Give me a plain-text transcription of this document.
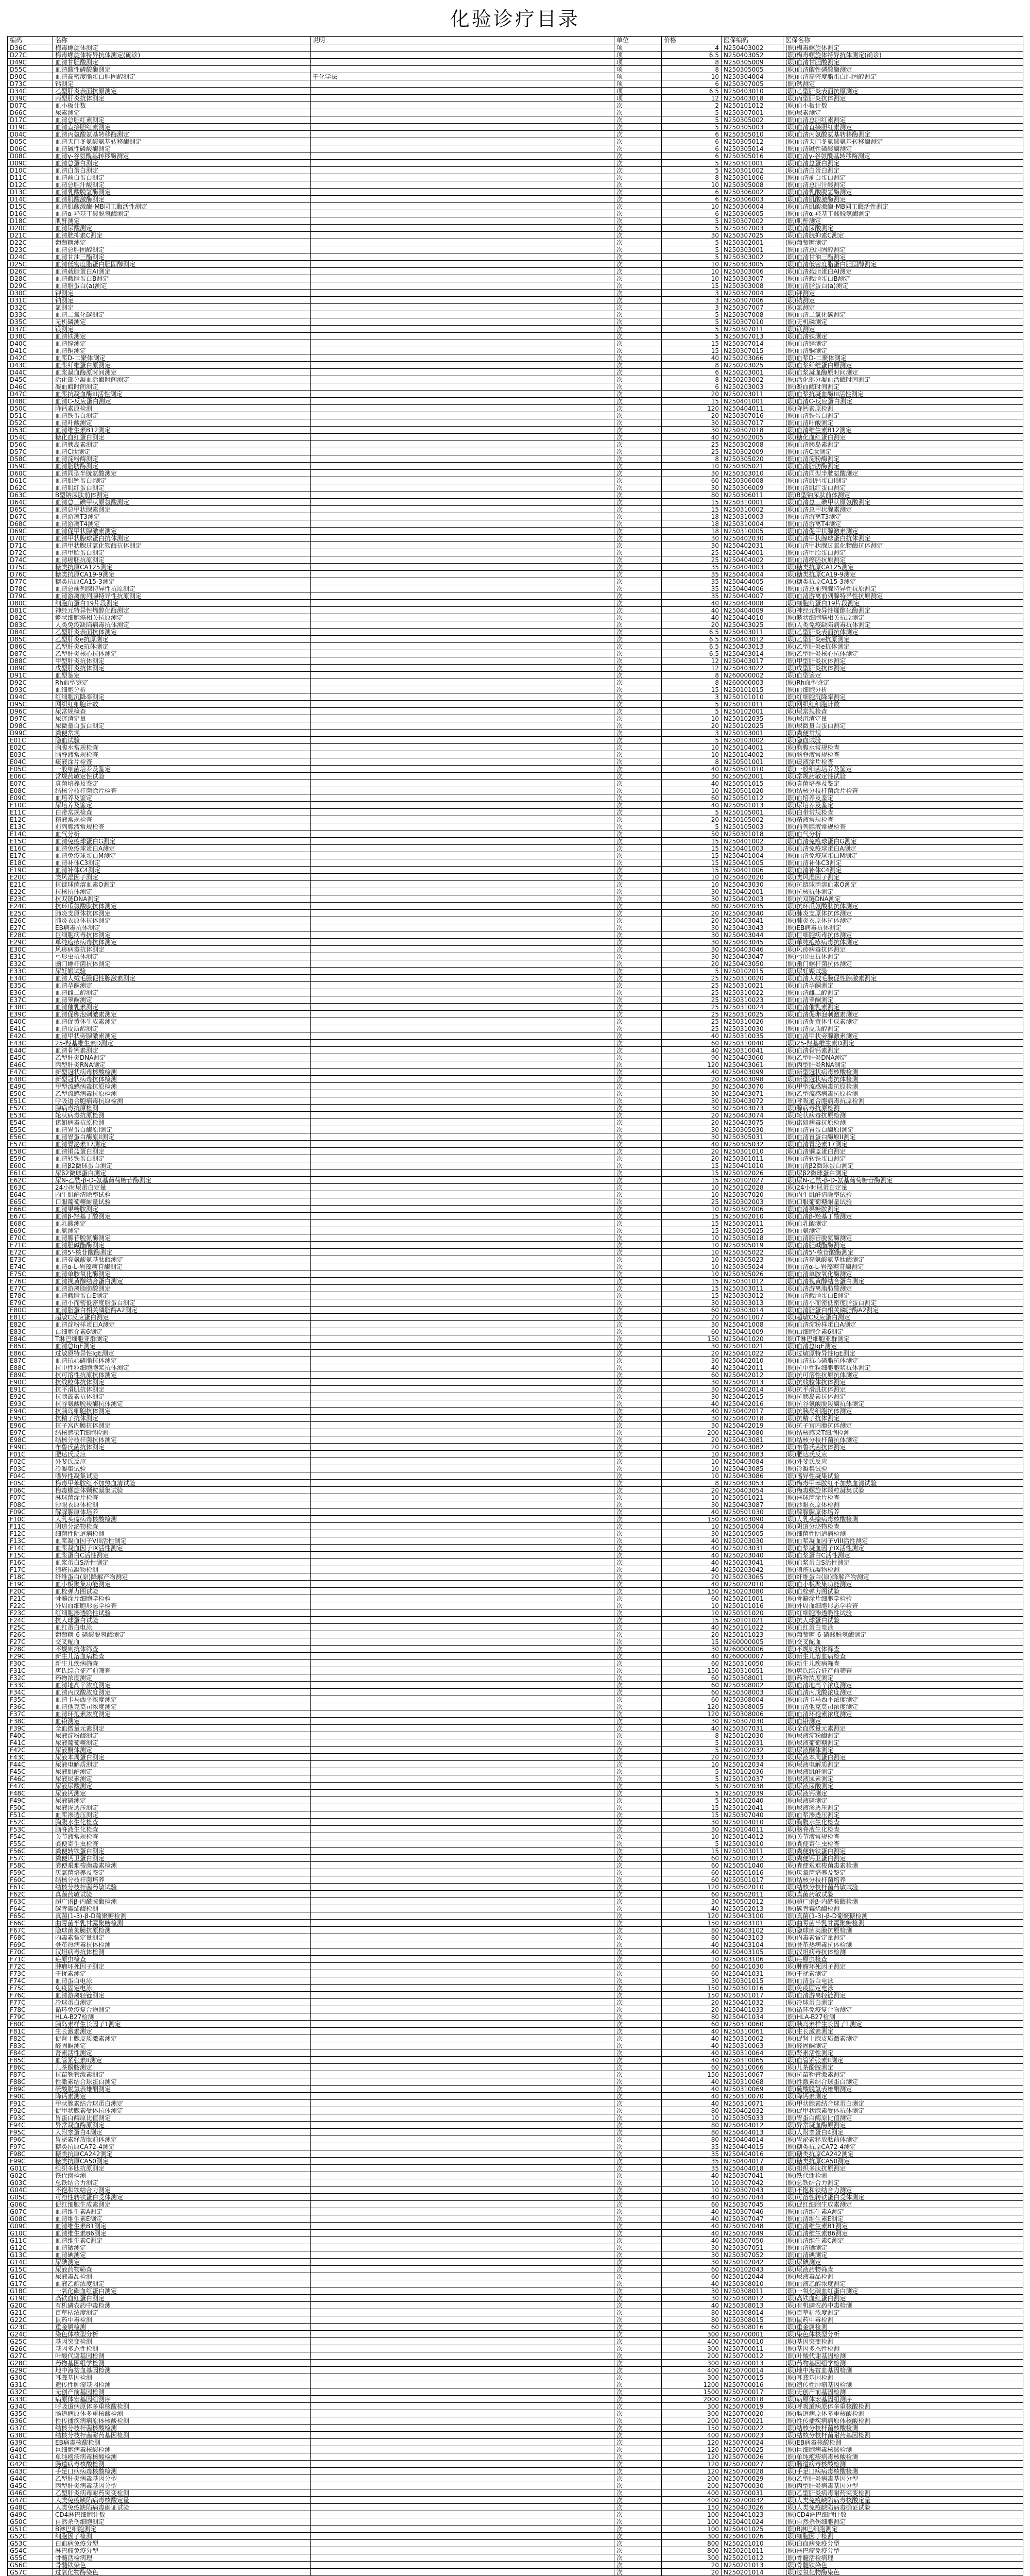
化验诊疗目录
编码	名称	说明	单位	价格	医保编码	医保名称
D36C	梅毒螺旋体测定		项	4	N250403002	(职)梅毒螺旋体测定
D27C	梅毒螺旋体特异抗体测定(确诊)		项	6.5	N250403052	(职)梅毒螺旋体特异抗体测定(确诊)
D49C	血清甘胆酸测定		项	8	N250305009	(职)血清甘胆酸测定
D55C	血清酸性磷酸酶测定		项	8	N250305005	(职)血清酸性磷酸酶测定
D90C	血清高密度脂蛋白胆固醇测定	干化学法	项	10	N250304004	(职)血清高密度脂蛋白胆固醇测定
D73C	钙测定		项	6	N250307005	(职)钙测定
D34C	乙型肝炎表面抗原测定		项	6.5	N250403010	(职)乙型肝炎表面抗原测定
D39C	丙型肝炎抗体测定		项	12	N250403018	(职)丙型肝炎抗体测定
D07C	血小板计数		次	2	N250101012	(职)血小板计数
D66C	尿素测定		次	5	N250307001	(职)尿素测定
D17C	血清总胆红素测定		次	5	N250305002	(职)血清总胆红素测定
D19C	血清直接胆红素测定		次	5	N250305003	(职)血清直接胆红素测定
D04C	血清丙氨酸氨基转移酶测定		次	6	N250305010	(职)血清丙氨酸氨基转移酶测定
D05C	血清天门冬氨酸氨基转移酶测定		次	6	N250305012	(职)血清天门冬氨酸氨基转移酶测定
D06C	血清碱性磷酸酶测定		次	6	N250305014	(职)血清碱性磷酸酶测定
D08C	血清γ-谷氨酰基转移酶测定		次	6	N250305016	(职)血清γ-谷氨酰基转移酶测定
D09C	血清总蛋白测定		次	5	N250301001	(职)血清总蛋白测定
D10C	血清白蛋白测定		次	5	N250301002	(职)血清白蛋白测定
D11C	血清前白蛋白测定		次	8	N250301006	(职)血清前白蛋白测定
D12C	血清总胆汁酸测定		次	10	N250305008	(职)血清总胆汁酸测定
D13C	血清乳酸脱氢酶测定		次	6	N250306002	(职)血清乳酸脱氢酶测定
D14C	血清肌酸激酶测定		次	6	N250306003	(职)血清肌酸激酶测定
D15C	血清肌酸激酶-MB同工酶活性测定		次	10	N250306004	(职)血清肌酸激酶-MB同工酶活性测定
D16C	血清α-羟基丁酸脱氢酶测定		次	6	N250306005	(职)血清α-羟基丁酸脱氢酶测定
D18C	肌酐测定		次	5	N250307002	(职)肌酐测定
D20C	血清尿酸测定		次	5	N250307003	(职)血清尿酸测定
D21C	血清胱抑素C测定		次	30	N250307025	(职)血清胱抑素C测定
D22C	葡萄糖测定		次	5	N250302001	(职)葡萄糖测定
D23C	血清总胆固醇测定		次	5	N250303001	(职)血清总胆固醇测定
D24C	血清甘油三酯测定		次	5	N250303002	(职)血清甘油三酯测定
D25C	血清低密度脂蛋白胆固醇测定		次	10	N250303005	(职)血清低密度脂蛋白胆固醇测定
D26C	血清载脂蛋白AI测定		次	10	N250303006	(职)血清载脂蛋白AI测定
D28C	血清载脂蛋白B测定		次	10	N250303007	(职)血清载脂蛋白B测定
D29C	血清脂蛋白(a)测定		次	15	N250303008	(职)血清脂蛋白(a)测定
D30C	钾测定		次	3	N250307004	(职)钾测定
D31C	钠测定		次	3	N250307006	(职)钠测定
D32C	氯测定		次	3	N250307007	(职)氯测定
D33C	血清二氧化碳测定		次	5	N250307008	(职)血清二氧化碳测定
D35C	无机磷测定		次	5	N250307010	(职)无机磷测定
D37C	镁测定		次	5	N250307011	(职)镁测定
D38C	血清铁测定		次	5	N250307013	(职)血清铁测定
D40C	血清锌测定		次	15	N250307014	(职)血清锌测定
D41C	血清铜测定		次	15	N250307015	(职)血清铜测定
D42C	血浆D-二聚体测定		次	40	N250203066	(职)血浆D-二聚体测定
D43C	血浆纤维蛋白原测定		次	8	N250203025	(职)血浆纤维蛋白原测定
D44C	血浆凝血酶原时间测定		次	6	N250203001	(职)血浆凝血酶原时间测定
D45C	活化部分凝血活酶时间测定		次	8	N250203002	(职)活化部分凝血活酶时间测定
D46C	凝血酶时间测定		次	6	N250203003	(职)凝血酶时间测定
D47C	血浆抗凝血酶III活性测定		次	20	N250203011	(职)血浆抗凝血酶III活性测定
D48C	血清C-反应蛋白测定		次	15	N250401001	(职)血清C-反应蛋白测定
D50C	降钙素原检测		次	120	N250404011	(职)降钙素原检测
D51C	血清铁蛋白测定		次	20	N250307016	(职)血清铁蛋白测定
D52C	血清叶酸测定		次	30	N250307017	(职)血清叶酸测定
D53C	血清维生素B12测定		次	30	N250307018	(职)血清维生素B12测定
D54C	糖化血红蛋白测定		次	40	N250302005	(职)糖化血红蛋白测定
D56C	血清胰岛素测定		次	25	N250302008	(职)血清胰岛素测定
D57C	血清C肽测定		次	25	N250302009	(职)血清C肽测定
D58C	血清淀粉酶测定		次	8	N250305020	(职)血清淀粉酶测定
D59C	血清脂肪酶测定		次	10	N250305021	(职)血清脂肪酶测定
D60C	血清同型半胱氨酸测定		次	30	N250303010	(职)血清同型半胱氨酸测定
D61C	血清肌钙蛋白I测定		次	60	N250306008	(职)血清肌钙蛋白I测定
D62C	血清肌红蛋白测定		次	30	N250306009	(职)血清肌红蛋白测定
D63C	B型钠尿肽前体测定		次	80	N250306011	(职)B型钠尿肽前体测定
D64C	血清总三碘甲状原氨酸测定		次	15	N250310001	(职)血清总三碘甲状原氨酸测定
D65C	血清总甲状腺素测定		次	15	N250310002	(职)血清总甲状腺素测定
D67C	血清游离T3测定		次	18	N250310003	(职)血清游离T3测定
D68C	血清游离T4测定		次	18	N250310004	(职)血清游离T4测定
D69C	血清促甲状腺激素测定		次	18	N250310005	(职)血清促甲状腺激素测定
D70C	血清甲状腺球蛋白抗体测定		次	30	N250402030	(职)血清甲状腺球蛋白抗体测定
D71C	血清甲状腺过氧化物酶抗体测定		次	30	N250402031	(职)血清甲状腺过氧化物酶抗体测定
D72C	血清甲胎蛋白测定		次	25	N250404001	(职)血清甲胎蛋白测定
D74C	血清癌胚抗原测定		次	25	N250404002	(职)血清癌胚抗原测定
D75C	糖类抗原CA125测定		次	35	N250404003	(职)糖类抗原CA125测定
D76C	糖类抗原CA19-9测定		次	35	N250404004	(职)糖类抗原CA19-9测定
D77C	糖类抗原CA15-3测定		次	35	N250404005	(职)糖类抗原CA15-3测定
D78C	血清总前列腺特异性抗原测定		次	35	N250404006	(职)血清总前列腺特异性抗原测定
D79C	血清游离前列腺特异性抗原测定		次	35	N250404007	(职)血清游离前列腺特异性抗原测定
D80C	细胞角蛋白19片段测定		次	40	N250404008	(职)细胞角蛋白19片段测定
D81C	神经元特异性烯醇化酶测定		次	40	N250404009	(职)神经元特异性烯醇化酶测定
D82C	鳞状细胞癌相关抗原测定		次	40	N250404010	(职)鳞状细胞癌相关抗原测定
D83C	人类免疫缺陷病毒抗体测定		次	20	N250403025	(职)人类免疫缺陷病毒抗体测定
D84C	乙型肝炎表面抗体测定		次	6.5	N250403011	(职)乙型肝炎表面抗体测定
D85C	乙型肝炎e抗原测定		次	6.5	N250403012	(职)乙型肝炎e抗原测定
D86C	乙型肝炎e抗体测定		次	6.5	N250403013	(职)乙型肝炎e抗体测定
D87C	乙型肝炎核心抗体测定		次	6.5	N250403014	(职)乙型肝炎核心抗体测定
D88C	甲型肝炎抗体测定		次	12	N250403017	(职)甲型肝炎抗体测定
D89C	戊型肝炎抗体测定		次	12	N250403022	(职)戊型肝炎抗体测定
D91C	血型鉴定		次	8	N260000002	(职)血型鉴定
D92C	Rh血型鉴定		次	8	N260000003	(职)Rh血型鉴定
D93C	血细胞分析		次	15	N250101015	(职)血细胞分析
D94C	红细胞沉降率测定		次	3	N250101010	(职)红细胞沉降率测定
D95C	网织红细胞计数		次	5	N250101011	(职)网织红细胞计数
D96C	尿常规检查		次	5	N250102001	(职)尿常规检查
D97C	尿沉渣定量		次	10	N250102035	(职)尿沉渣定量
D98C	尿微量白蛋白测定		次	20	N250102025	(职)尿微量白蛋白测定
D99C	粪便常规		次	3	N250103001	(职)粪便常规
E01C	隐血试验		次	5	N250103002	(职)隐血试验
E02C	胸腹水常规检查		次	10	N250104001	(职)胸腹水常规检查
E03C	脑脊液常规检查		次	10	N250104002	(职)脑脊液常规检查
E04C	痰液涂片检查		次	8	N250501001	(职)痰液涂片检查
E05C	一般细菌培养及鉴定		次	40	N250501010	(职)一般细菌培养及鉴定
E06C	常规药敏定性试验		次	30	N250502001	(职)常规药敏定性试验
E07C	真菌培养及鉴定		次	40	N250501015	(职)真菌培养及鉴定
E08C	结核分枝杆菌涂片检查		次	10	N250501020	(职)结核分枝杆菌涂片检查
E09C	血培养及鉴定		次	60	N250501012	(职)血培养及鉴定
E10C	尿培养及鉴定		次	40	N250501013	(职)尿培养及鉴定
E11C	白带常规检查		次	5	N250105001	(职)白带常规检查
E12C	精液常规检查		次	20	N250105002	(职)精液常规检查
E13C	前列腺液常规检查		次	5	N250105003	(职)前列腺液常规检查
E14C	血气分析		次	50	N250301018	(职)血气分析
E15C	血清免疫球蛋白G测定		次	15	N250401002	(职)血清免疫球蛋白G测定
E16C	血清免疫球蛋白A测定		次	15	N250401003	(职)血清免疫球蛋白A测定
E17C	血清免疫球蛋白M测定		次	15	N250401004	(职)血清免疫球蛋白M测定
E18C	血清补体C3测定		次	15	N250401005	(职)血清补体C3测定
E19C	血清补体C4测定		次	15	N250401006	(职)血清补体C4测定
E20C	类风湿因子测定		次	10	N250402020	(职)类风湿因子测定
E21C	抗链球菌溶血素O测定		次	10	N250403030	(职)抗链球菌溶血素O测定
E22C	抗核抗体测定		次	30	N250402001	(职)抗核抗体测定
E23C	抗双链DNA测定		次	30	N250402003	(职)抗双链DNA测定
E24C	抗环瓜氨酸肽抗体测定		次	80	N250402035	(职)抗环瓜氨酸肽抗体测定
E25C	肺炎支原体抗体测定		次	20	N250403040	(职)肺炎支原体抗体测定
E26C	肺炎衣原体抗体测定		次	20	N250403041	(职)肺炎衣原体抗体测定
E27C	EB病毒抗体测定		次	30	N250403043	(职)EB病毒抗体测定
E28C	巨细胞病毒抗体测定		次	30	N250403044	(职)巨细胞病毒抗体测定
E29C	单纯疱疹病毒抗体测定		次	30	N250403045	(职)单纯疱疹病毒抗体测定
E30C	风疹病毒抗体测定		次	30	N250403046	(职)风疹病毒抗体测定
E31C	弓形虫抗体测定		次	30	N250403047	(职)弓形虫抗体测定
E32C	幽门螺杆菌抗体测定		次	20	N250403050	(职)幽门螺杆菌抗体测定
E33C	尿妊娠试验		次	5	N250102015	(职)尿妊娠试验
E34C	血清人绒毛膜促性腺激素测定		次	25	N250310020	(职)血清人绒毛膜促性腺激素测定
E35C	血清孕酮测定		次	25	N250310021	(职)血清孕酮测定
E36C	血清雌二醇测定		次	25	N250310022	(职)血清雌二醇测定
E37C	血清睾酮测定		次	25	N250310023	(职)血清睾酮测定
E38C	血清催乳素测定		次	25	N250310024	(职)血清催乳素测定
E39C	血清促卵泡刺激素测定		次	25	N250310025	(职)血清促卵泡刺激素测定
E40C	血清促黄体生成素测定		次	25	N250310026	(职)血清促黄体生成素测定
E41C	血清皮质醇测定		次	25	N250310030	(职)血清皮质醇测定
E42C	血清甲状旁腺激素测定		次	40	N250310035	(职)血清甲状旁腺激素测定
E43C	25-羟基维生素D测定		次	60	N250310040	(职)25-羟基维生素D测定
E44C	血清骨钙素测定		次	40	N250310041	(职)血清骨钙素测定
E45C	乙型肝炎DNA测定		次	90	N250403060	(职)乙型肝炎DNA测定
E46C	丙型肝炎RNA测定		次	120	N250403061	(职)丙型肝炎RNA测定
E47C	新型冠状病毒核酸检测		次	40	N250403099	(职)新型冠状病毒核酸检测
E48C	新型冠状病毒抗体检测		次	20	N250403098	(职)新型冠状病毒抗体检测
E49C	甲型流感病毒抗原检测		次	30	N250403070	(职)甲型流感病毒抗原检测
E50C	乙型流感病毒抗原检测		次	30	N250403071	(职)乙型流感病毒抗原检测
E51C	呼吸道合胞病毒抗原检测		次	30	N250403072	(职)呼吸道合胞病毒抗原检测
E52C	腺病毒抗原检测		次	30	N250403073	(职)腺病毒抗原检测
E53C	轮状病毒抗原检测		次	20	N250403074	(职)轮状病毒抗原检测
E54C	诺如病毒抗原检测		次	20	N250403075	(职)诺如病毒抗原检测
E55C	血清胃蛋白酶原I测定		次	30	N250305030	(职)血清胃蛋白酶原I测定
E56C	血清胃蛋白酶原II测定		次	30	N250305031	(职)血清胃蛋白酶原II测定
E57C	血清胃泌素17测定		次	40	N250305032	(职)血清胃泌素17测定
E58C	血清铜蓝蛋白测定		次	20	N250301010	(职)血清铜蓝蛋白测定
E59C	血清转铁蛋白测定		次	20	N250301011	(职)血清转铁蛋白测定
E60C	血清β2微球蛋白测定		次	15	N250401010	(职)血清β2微球蛋白测定
E61C	尿β2微球蛋白测定		次	15	N250102026	(职)尿β2微球蛋白测定
E62C	尿N-乙酰-β-D-氨基葡萄糖苷酶测定		次	15	N250102027	(职)尿N-乙酰-β-D-氨基葡萄糖苷酶测定
E63C	24小时尿蛋白定量		次	10	N250102028	(职)24小时尿蛋白定量
E64C	内生肌酐清除率试验		次	10	N250307020	(职)内生肌酐清除率试验
E65C	口服葡萄糖耐量试验		次	25	N250302003	(职)口服葡萄糖耐量试验
E66C	血清果糖胺测定		次	10	N250302006	(职)血清果糖胺测定
E67C	血清β-羟基丁酸测定		次	15	N250302010	(职)血清β-羟基丁酸测定
E68C	血乳酸测定		次	15	N250302011	(职)血乳酸测定
E69C	血氨测定		次	15	N250305025	(职)血氨测定
E70C	血清腺苷脱氨酶测定		次	10	N250305018	(职)血清腺苷脱氨酶测定
E71C	血清胆碱酯酶测定		次	10	N250305019	(职)血清胆碱酯酶测定
E72C	血清5'-核苷酸酶测定		次	10	N250305022	(职)血清5'-核苷酸酶测定
E73C	血清亮氨酸氨基肽酶测定		次	10	N250305023	(职)血清亮氨酸氨基肽酶测定
E74C	血清α-L-岩藻糖苷酶测定		次	10	N250305024	(职)血清α-L-岩藻糖苷酶测定
E75C	血清单胺氧化酶测定		次	10	N250305026	(职)血清单胺氧化酶测定
E76C	血清视黄醇结合蛋白测定		次	15	N250301012	(职)血清视黄醇结合蛋白测定
E77C	血清游离脂肪酸测定		次	15	N250303011	(职)血清游离脂肪酸测定
E78C	血清载脂蛋白E测定		次	15	N250303012	(职)血清载脂蛋白E测定
E79C	血清小而密低密度脂蛋白测定		次	30	N250303013	(职)血清小而密低密度脂蛋白测定
E80C	血清脂蛋白相关磷脂酶A2测定		次	60	N250303014	(职)血清脂蛋白相关磷脂酶A2测定
E81C	超敏C反应蛋白测定		次	20	N250401007	(职)超敏C反应蛋白测定
E82C	血清淀粉样蛋白A测定		次	30	N250401008	(职)血清淀粉样蛋白A测定
E83C	白细胞介素6测定		次	60	N250401009	(职)白细胞介素6测定
E84C	T淋巴细胞亚群测定		次	150	N250401020	(职)T淋巴细胞亚群测定
E85C	血清总IgE测定		次	30	N250401021	(职)血清总IgE测定
E86C	过敏原特异性IgE测定		次	20	N250401022	(职)过敏原特异性IgE测定
E87C	血清抗心磷脂抗体测定		次	30	N250402010	(职)血清抗心磷脂抗体测定
E88C	抗中性粒细胞胞浆抗体测定		次	40	N250402011	(职)抗中性粒细胞胞浆抗体测定
E89C	抗可溶性抗原抗体测定		次	60	N250402012	(职)抗可溶性抗原抗体测定
E90C	抗线粒体抗体测定		次	30	N250402013	(职)抗线粒体抗体测定
E91C	抗平滑肌抗体测定		次	30	N250402014	(职)抗平滑肌抗体测定
E92C	抗胰岛素抗体测定		次	30	N250402015	(职)抗胰岛素抗体测定
E93C	抗谷氨酸脱羧酶抗体测定		次	40	N250402016	(职)抗谷氨酸脱羧酶抗体测定
E94C	抗胰岛细胞抗体测定		次	40	N250402017	(职)抗胰岛细胞抗体测定
E95C	抗精子抗体测定		次	30	N250402018	(职)抗精子抗体测定
E96C	抗子宫内膜抗体测定		次	30	N250402019	(职)抗子宫内膜抗体测定
E97C	结核感染T细胞检测		次	200	N250403080	(职)结核感染T细胞检测
E98C	结核分枝杆菌抗体测定		次	20	N250403081	(职)结核分枝杆菌抗体测定
E99C	布鲁氏菌抗体测定		次	20	N250403082	(职)布鲁氏菌抗体测定
F01C	肥达氏反应		次	10	N250403083	(职)肥达氏反应
F02C	外斐氏反应		次	10	N250403084	(职)外斐氏反应
F03C	冷凝集试验		次	10	N250403085	(职)冷凝集试验
F04C	嗜异性凝集试验		次	10	N250403086	(职)嗜异性凝集试验
F05C	梅毒甲苯胺红不加热血清试验		次	8	N250403053	(职)梅毒甲苯胺红不加热血清试验
F06C	梅毒螺旋体颗粒凝集试验		次	20	N250403054	(职)梅毒螺旋体颗粒凝集试验
F07C	淋球菌涂片检查		次	10	N250501021	(职)淋球菌涂片检查
F08C	沙眼衣原体检测		次	30	N250403087	(职)沙眼衣原体检测
F09C	解脲脲原体培养		次	40	N250501030	(职)解脲脲原体培养
F10C	人乳头瘤病毒核酸检测		次	150	N250403090	(职)人乳头瘤病毒核酸检测
F11C	阴道分泌物检查		次	10	N250105004	(职)阴道分泌物检查
F12C	细菌性阴道病检测		次	30	N250105005	(职)细菌性阴道病检测
F13C	血浆凝血因子VIII活性测定		次	40	N250203030	(职)血浆凝血因子VIII活性测定
F14C	血浆凝血因子IX活性测定		次	40	N250203031	(职)血浆凝血因子IX活性测定
F15C	血浆蛋白C活性测定		次	40	N250203040	(职)血浆蛋白C活性测定
F16C	血浆蛋白S活性测定		次	40	N250203041	(职)血浆蛋白S活性测定
F17C	狼疮抗凝物检测		次	40	N250203042	(职)狼疮抗凝物检测
F18C	纤维蛋白(原)降解产物测定		次	20	N250203065	(职)纤维蛋白(原)降解产物测定
F19C	血小板聚集功能测定		次	40	N250202010	(职)血小板聚集功能测定
F20C	血栓弹力图试验		次	150	N250203080	(职)血栓弹力图试验
F21C	骨髓涂片细胞学检验		次	60	N250201001	(职)骨髓涂片细胞学检验
F22C	外周血细胞形态学检查		次	10	N250101016	(职)外周血细胞形态学检查
F23C	红细胞渗透脆性试验		次	10	N250101020	(职)红细胞渗透脆性试验
F24C	抗人球蛋白试验		次	15	N250101021	(职)抗人球蛋白试验
F25C	血红蛋白电泳		次	40	N250101022	(职)血红蛋白电泳
F26C	葡萄糖-6-磷酸脱氢酶测定		次	20	N250101023	(职)葡萄糖-6-磷酸脱氢酶测定
F27C	交叉配血		次	15	N260000005	(职)交叉配血
F28C	不规则抗体筛查		次	30	N260000006	(职)不规则抗体筛查
F29C	新生儿溶血病检查		次	40	N260000007	(职)新生儿溶血病检查
F30C	新生儿疾病筛查		次	60	N250310050	(职)新生儿疾病筛查
F31C	唐氏综合征产前筛查		次	150	N250310051	(职)唐氏综合征产前筛查
F32C	药物浓度测定		次	60	N250308001	(职)药物浓度测定
F33C	血清地高辛浓度测定		次	60	N250308002	(职)血清地高辛浓度测定
F34C	血清丙戊酸浓度测定		次	60	N250308003	(职)血清丙戊酸浓度测定
F35C	血清卡马西平浓度测定		次	60	N250308004	(职)血清卡马西平浓度测定
F36C	血清他克莫司浓度测定		次	120	N250308005	(职)血清他克莫司浓度测定
F37C	血清环孢素浓度测定		次	120	N250308006	(职)血清环孢素浓度测定
F38C	血铅测定		次	30	N250307030	(职)血铅测定
F39C	全血微量元素测定		次	40	N250307031	(职)全血微量元素测定
F40C	尿液淀粉酶测定		次	8	N250102030	(职)尿液淀粉酶测定
F41C	尿液葡萄糖测定		次	5	N250102031	(职)尿液葡萄糖测定
F42C	尿液酮体测定		次	5	N250102032	(职)尿液酮体测定
F43C	尿液本周蛋白测定		次	20	N250102033	(职)尿液本周蛋白测定
F44C	尿液电解质测定		次	10	N250102034	(职)尿液电解质测定
F45C	尿液肌酐测定		次	5	N250102036	(职)尿液肌酐测定
F46C	尿液尿素测定		次	5	N250102037	(职)尿液尿素测定
F47C	尿液尿酸测定		次	5	N250102038	(职)尿液尿酸测定
F48C	尿液钙测定		次	5	N250102039	(职)尿液钙测定
F49C	尿液磷测定		次	5	N250102040	(职)尿液磷测定
F50C	尿液渗透压测定		次	15	N250102041	(职)尿液渗透压测定
F51C	血浆渗透压测定		次	15	N250307040	(职)血浆渗透压测定
F52C	胸腹水生化检查		次	30	N250104010	(职)胸腹水生化检查
F53C	脑脊液生化检查		次	30	N250104011	(职)脑脊液生化检查
F54C	关节液常规检查		次	10	N250104012	(职)关节液常规检查
F55C	粪便寄生虫检查		次	5	N250103010	(职)粪便寄生虫检查
F56C	粪便转铁蛋白测定		次	15	N250103011	(职)粪便转铁蛋白测定
F57C	粪便钙卫蛋白测定		次	60	N250103012	(职)粪便钙卫蛋白测定
F58C	粪便艰难梭菌毒素检测		次	60	N250501040	(职)粪便艰难梭菌毒素检测
F59C	厌氧菌培养及鉴定		次	60	N250501016	(职)厌氧菌培养及鉴定
F60C	结核分枝杆菌培养		次	60	N250501017	(职)结核分枝杆菌培养
F61C	结核分枝杆菌药敏试验		次	120	N250502010	(职)结核分枝杆菌药敏试验
F62C	真菌药敏试验		次	60	N250502011	(职)真菌药敏试验
F63C	超广谱β-内酰胺酶检测		次	30	N250502012	(职)超广谱β-内酰胺酶检测
F64C	碳青霉烯酶检测		次	40	N250502013	(职)碳青霉烯酶检测
F65C	真菌(1-3)-β-D葡聚糖检测		次	120	N250403100	(职)真菌(1-3)-β-D葡聚糖检测
F66C	曲霉菌半乳甘露聚糖检测		次	150	N250403101	(职)曲霉菌半乳甘露聚糖检测
F67C	隐球菌荚膜抗原检测		次	80	N250403102	(职)隐球菌荚膜抗原检测
F68C	内毒素鲎定量测定		次	80	N250403103	(职)内毒素鲎定量测定
F69C	登革热病毒抗体检测		次	40	N250403104	(职)登革热病毒抗体检测
F70C	汉坦病毒抗体检测		次	40	N250403105	(职)汉坦病毒抗体检测
F71C	疟原虫检查		次	10	N250403106	(职)疟原虫检查
F72C	肿瘤坏死因子测定		次	60	N250401030	(职)肿瘤坏死因子测定
F73C	干扰素测定		次	60	N250401031	(职)干扰素测定
F74C	血清蛋白电泳		次	30	N250301015	(职)血清蛋白电泳
F75C	免疫固定电泳		次	150	N250301016	(职)免疫固定电泳
F76C	血清游离轻链测定		次	150	N250301017	(职)血清游离轻链测定
F77C	冷球蛋白测定		次	20	N250401032	(职)冷球蛋白测定
F78C	循环免疫复合物测定		次	20	N250401033	(职)循环免疫复合物测定
F79C	HLA-B27检测		次	80	N250401034	(职)HLA-B27检测
F80C	胰岛素样生长因子1测定		次	60	N250310060	(职)胰岛素样生长因子1测定
F81C	生长激素测定		次	40	N250310061	(职)生长激素测定
F82C	促肾上腺皮质激素测定		次	40	N250310062	(职)促肾上腺皮质激素测定
F83C	醛固酮测定		次	40	N250310063	(职)醛固酮测定
F84C	肾素活性测定		次	40	N250310064	(职)肾素活性测定
F85C	血管紧张素II测定		次	40	N250310065	(职)血管紧张素II测定
F86C	儿茶酚胺测定		次	60	N250310066	(职)儿茶酚胺测定
F87C	抗苗勒管激素测定		次	150	N250310067	(职)抗苗勒管激素测定
F88C	性激素结合球蛋白测定		次	40	N250310068	(职)性激素结合球蛋白测定
F89C	硫酸脱氢表雄酮测定		次	40	N250310069	(职)硫酸脱氢表雄酮测定
F90C	降钙素测定		次	40	N250310070	(职)降钙素测定
F91C	甲状腺素结合球蛋白测定		次	40	N250310071	(职)甲状腺素结合球蛋白测定
F92C	促甲状腺素受体抗体测定		次	80	N250402032	(职)促甲状腺素受体抗体测定
F93C	胃蛋白酶原比值测定		次	10	N250305033	(职)胃蛋白酶原比值测定
F94C	异常凝血酶原测定		次	80	N250404012	(职)异常凝血酶原测定
F95C	人附睾蛋白4测定		次	80	N250404013	(职)人附睾蛋白4测定
F96C	胃泌素释放肽前体测定		次	80	N250404014	(职)胃泌素释放肽前体测定
F97C	糖类抗原CA72-4测定		次	35	N250404015	(职)糖类抗原CA72-4测定
F98C	糖类抗原CA242测定		次	35	N250404016	(职)糖类抗原CA242测定
F99C	糖类抗原CA50测定		次	35	N250404017	(职)糖类抗原CA50测定
G01C	组织多肽抗原测定		次	35	N250404018	(职)组织多肽抗原测定
G02C	铁代谢检测		次	40	N250307041	(职)铁代谢检测
G03C	总铁结合力测定		次	10	N250307042	(职)总铁结合力测定
G04C	不饱和铁结合力测定		次	10	N250307043	(职)不饱和铁结合力测定
G05C	可溶性转铁蛋白受体测定		次	40	N250307044	(职)可溶性转铁蛋白受体测定
G06C	促红细胞生成素测定		次	60	N250307045	(职)促红细胞生成素测定
G07C	血清维生素A测定		次	40	N250307046	(职)血清维生素A测定
G08C	血清维生素E测定		次	40	N250307047	(职)血清维生素E测定
G09C	血清维生素B1测定		次	40	N250307048	(职)血清维生素B1测定
G10C	血清维生素B6测定		次	40	N250307049	(职)血清维生素B6测定
G11C	血清维生素C测定		次	40	N250307050	(职)血清维生素C测定
G12C	血清硒测定		次	30	N250307051	(职)血清硒测定
G13C	血清碘测定		次	30	N250307052	(职)血清碘测定
G14C	尿碘测定		次	30	N250102042	(职)尿碘测定
G15C	尿液药物筛查		次	60	N250102043	(职)尿液药物筛查
G16C	尿液毒品检测		次	60	N250102044	(职)尿液毒品检测
G17C	血液乙醇浓度测定		次	40	N250308010	(职)血液乙醇浓度测定
G18C	一氧化碳血红蛋白测定		次	30	N250308011	(职)一氧化碳血红蛋白测定
G19C	高铁血红蛋白测定		次	30	N250308012	(职)高铁血红蛋白测定
G20C	有机磷农药中毒检测		次	40	N250308013	(职)有机磷农药中毒检测
G21C	百草枯浓度测定		次	80	N250308014	(职)百草枯浓度测定
G22C	鼠药中毒检测		次	80	N250308015	(职)鼠药中毒检测
G23C	重金属检测		次	60	N250308016	(职)重金属检测
G24C	染色体核型分析		次	300	N250700001	(职)染色体核型分析
G25C	基因突变检测		次	400	N250700010	(职)基因突变检测
G26C	基因多态性检测		次	300	N250700011	(职)基因多态性检测
G27C	叶酸代谢基因检测		次	200	N250700012	(职)叶酸代谢基因检测
G28C	药物基因组学检测		次	300	N250700013	(职)药物基因组学检测
G29C	地中海贫血基因检测		次	400	N250700014	(职)地中海贫血基因检测
G30C	耳聋基因检测		次	300	N250700015	(职)耳聋基因检测
G31C	遗传性肿瘤基因检测		次	1200	N250700016	(职)遗传性肿瘤基因检测
G32C	无创产前基因检测		次	1500	N250700017	(职)无创产前基因检测
G33C	病原体宏基因组测序		次	2000	N250700018	(职)病原体宏基因组测序
G34C	呼吸道病原体多重核酸检测		次	300	N250700019	(职)呼吸道病原体多重核酸检测
G35C	肠道病原体多重核酸检测		次	300	N250700020	(职)肠道病原体多重核酸检测
G36C	性传播疾病病原体核酸检测		次	200	N250700021	(职)性传播疾病病原体核酸检测
G37C	结核分枝杆菌核酸检测		次	150	N250700022	(职)结核分枝杆菌核酸检测
G38C	结核分枝杆菌耐药基因检测		次	400	N250700023	(职)结核分枝杆菌耐药基因检测
G39C	EB病毒核酸检测		次	120	N250700024	(职)EB病毒核酸检测
G40C	巨细胞病毒核酸检测		次	120	N250700025	(职)巨细胞病毒核酸检测
G41C	单纯疱疹病毒核酸检测		次	120	N250700026	(职)单纯疱疹病毒核酸检测
G42C	肠道病毒核酸检测		次	120	N250700027	(职)肠道病毒核酸检测
G43C	手足口病病毒核酸检测		次	120	N250700028	(职)手足口病病毒核酸检测
G44C	乙型肝炎病毒基因分型		次	200	N250700029	(职)乙型肝炎病毒基因分型
G45C	丙型肝炎病毒基因分型		次	200	N250700030	(职)丙型肝炎病毒基因分型
G46C	乙型肝炎病毒耐药突变检测		次	400	N250700031	(职)乙型肝炎病毒耐药突变检测
G47C	人类免疫缺陷病毒核酸定量		次	400	N250700032	(职)人类免疫缺陷病毒核酸定量
G48C	人类免疫缺陷病毒确证试验		次	150	N250403026	(职)人类免疫缺陷病毒确证试验
G49C	CD4淋巴细胞计数		次	100	N250401023	(职)CD4淋巴细胞计数
G50C	自然杀伤细胞测定		次	100	N250401024	(职)自然杀伤细胞测定
G51C	B淋巴细胞测定		次	100	N250401025	(职)B淋巴细胞测定
G52C	细胞因子检测		次	300	N250401026	(职)细胞因子检测
G53C	白血病免疫分型		次	800	N250201010	(职)白血病免疫分型
G54C	淋巴瘤免疫分型		次	800	N250201011	(职)淋巴瘤免疫分型
G55C	骨髓活检病理		次	300	N250201012	(职)骨髓活检病理
G56C	骨髓铁染色		次	20	N250201013	(职)骨髓铁染色
G57C	过氧化物酶染色		次	20	N250201014	(职)过氧化物酶染色
